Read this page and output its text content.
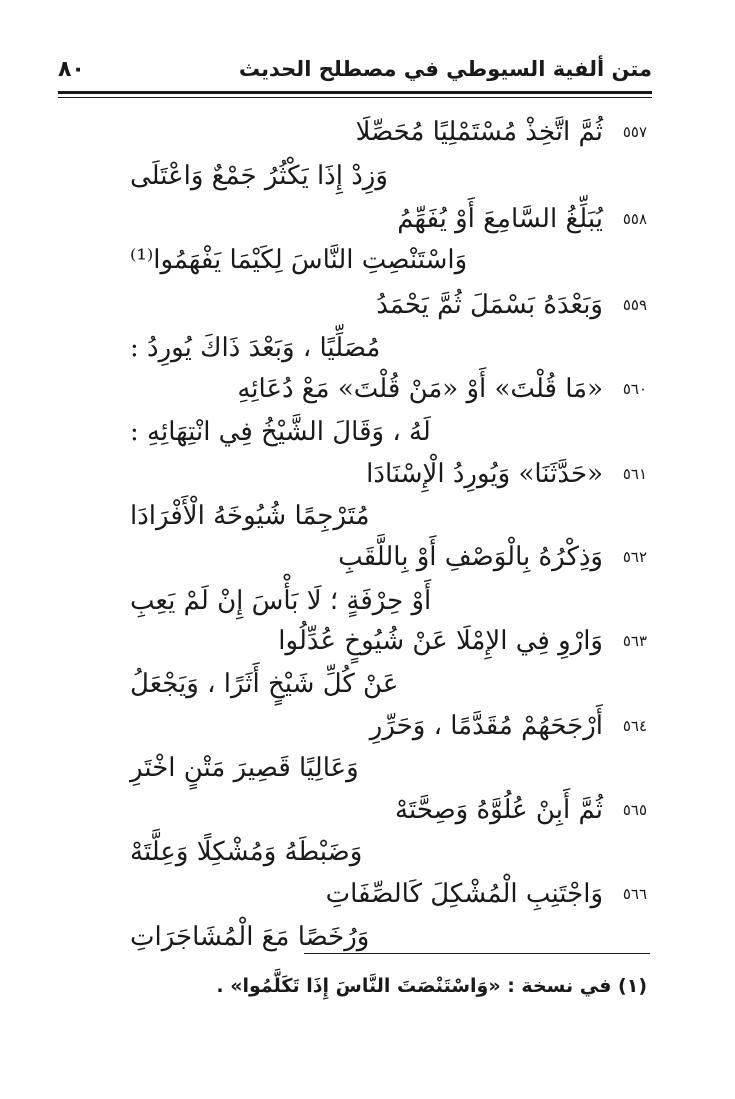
متن ألفية السيوطي في مصطلح الحديث
٨٠
٥٥٧
ثُمَّ اتَّخِذْ مُسْتَمْلِيًا مُحَصِّلَا
وَزِدْ إِذَا يَكْثُرُ جَمْعٌ وَاعْتَلَى
٥٥٨
يُبَلِّغُ السَّامِعَ أَوْ يُفَهِّمُ
وَاسْتَنْصِتِ النَّاسَ لِكَيْمَا يَفْهَمُوا⁽¹⁾
٥٥٩
وَبَعْدَهُ بَسْمَلَ ثُمَّ يَحْمَدُ
مُصَلِّيًا ، وَبَعْدَ ذَاكَ يُورِدُ :
٥٦٠
«مَا قُلْتَ» أَوْ «مَنْ قُلْتَ» مَعْ دُعَائِهِ
لَهُ ، وَقَالَ الشَّيْخُ فِي انْتِهَائِهِ :
٥٦١
«حَدَّثَنَا» وَيُورِدُ الْإِسْنَادَا
مُتَرْجِمًا شُيُوخَهُ الْأَفْرَادَا
٥٦٢
وَذِكْرُهُ بِالْوَصْفِ أَوْ بِاللَّقَبِ
أَوْ حِرْفَةٍ ؛ لَا بَأْسَ إِنْ لَمْ يَعِبِ
٥٦٣
وَارْوِ فِي الإِمْلَا عَنْ شُيُوخٍ عُدِّلُوا
عَنْ كُلِّ شَيْخٍ أَثَرًا ، وَيَجْعَلُ
٥٦٤
أَرْجَحَهُمْ مُقَدَّمًا ، وَحَرِّرِ
وَعَالِيًا قَصِيرَ مَتْنٍ اخْتَرِ
٥٦٥
ثُمَّ أَبِنْ عُلُوَّهُ وَصِحَّتَهْ
وَضَبْطَهُ وَمُشْكِلًا وَعِلَّتَهْ
٥٦٦
وَاجْتَنِبِ الْمُشْكِلَ كَالصِّفَاتِ
وَرُخَصًا مَعَ الْمُشَاجَرَاتِ
(١) في نسخة : «وَاسْتَنْصَتَ النَّاسَ إِذَا تَكَلَّمُوا» .
